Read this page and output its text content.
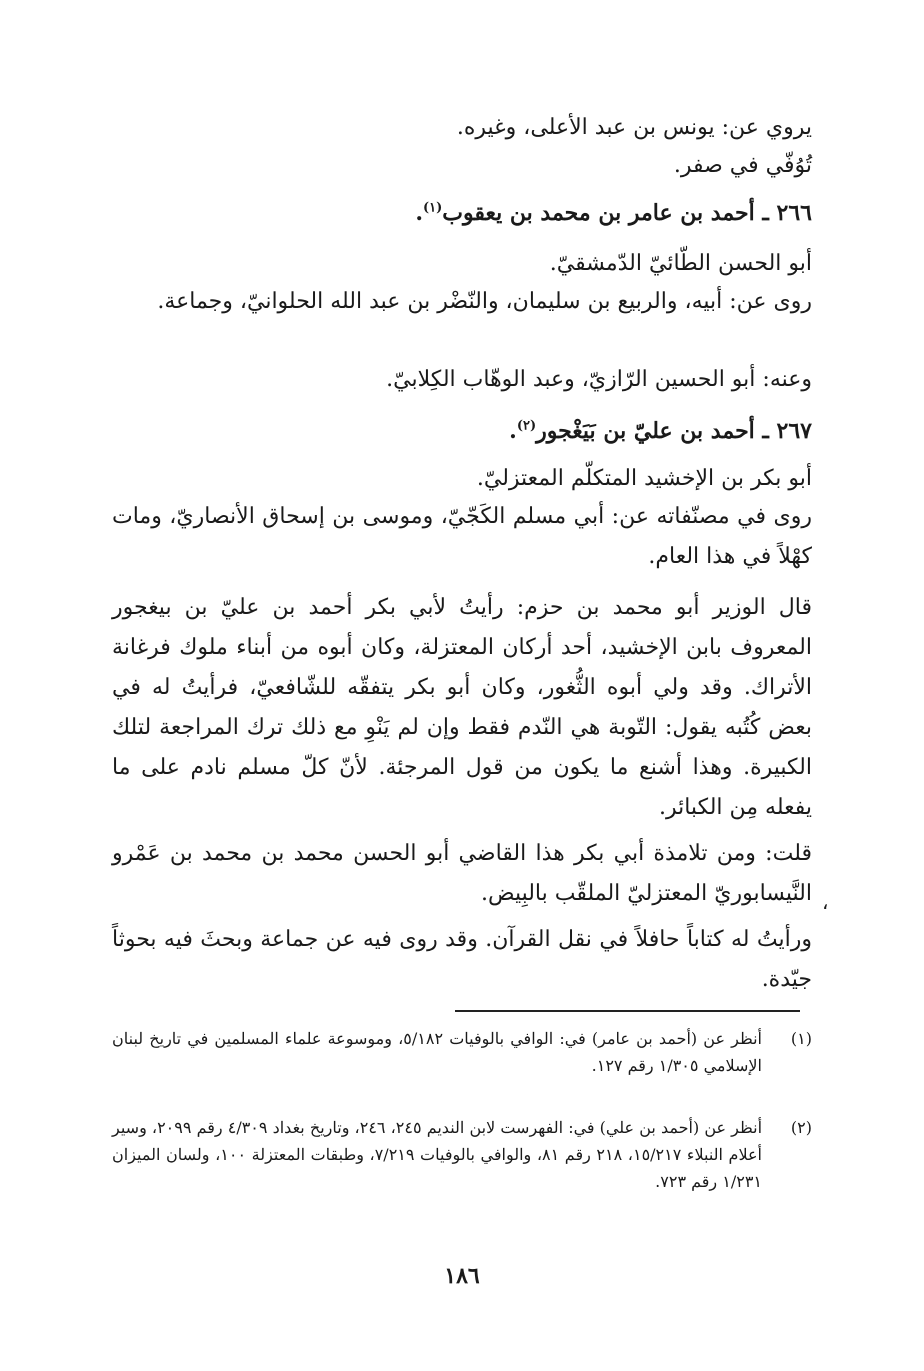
يروي عن: يونس بن عبد الأعلى، وغيره.
تُوُفّي في صفر.
٢٦٦ ـ أحمد بن عامر بن محمد بن يعقوب$^{(١)}$.
أبو الحسن الطّائيّ الدّمشقيّ.
روى عن: أبيه، والربيع بن سليمان، والنّضْر بن عبد الله الحلوانيّ، وجماعة.
وعنه: أبو الحسين الرّازيّ، وعبد الوهّاب الكِلابيّ.
٢٦٧ ـ أحمد بن عليّ بن بَيَغْجور$^{(٢)}$.
أبو بكر بن الإخشيد المتكلّم المعتزليّ.
روى في مصنّفاته عن: أبي مسلم الكَجّيّ، وموسى بن إسحاق الأنصاريّ، ومات كهْلاً في هذا العام.
قال الوزير أبو محمد بن حزم: رأيتُ لأبي بكر أحمد بن عليّ بن بيغجور المعروف بابن الإخشيد، أحد أركان المعتزلة، وكان أبوه من أبناء ملوك فرغانة الأتراك. وقد ولي أبوه الثُّغور، وكان أبو بكر يتفقّه للشّافعيّ، فرأيتُ له في بعض كُتُبه يقول: التّوبة هي النّدم فقط وإن لم يَنْوِ مع ذلك ترك المراجعة لتلك الكبيرة. وهذا أشنع ما يكون من قول المرجئة. لأنّ كلّ مسلم نادم على ما يفعله مِن الكبائر.
قلت: ومن تلامذة أبي بكر هذا القاضي أبو الحسن محمد بن محمد بن عَمْرو النَّيسابوريّ المعتزليّ الملقّب بالبِيض.
ورأيتُ له كتاباً حافلاً في نقل القرآن. وقد روى فيه عن جماعة وبحثَ فيه بحوثاً جيّدة.
،
(١)
أنظر عن (أحمد بن عامر) في: الوافي بالوفيات ٥/١٨٢، وموسوعة علماء المسلمين في تاريخ لبنان الإسلامي ١/٣٠٥ رقم ١٢٧.
(٢)
أنظر عن (أحمد بن علي) في: الفهرست لابن النديم ٢٤٥، ٢٤٦، وتاريخ بغداد ٤/٣٠٩ رقم ٢٠٩٩، وسير أعلام النبلاء ١٥/٢١٧، ٢١٨ رقم ٨١، والوافي بالوفيات ٧/٢١٩، وطبقات المعتزلة ١٠٠، ولسان الميزان ١/٢٣١ رقم ٧٢٣.
١٨٦
